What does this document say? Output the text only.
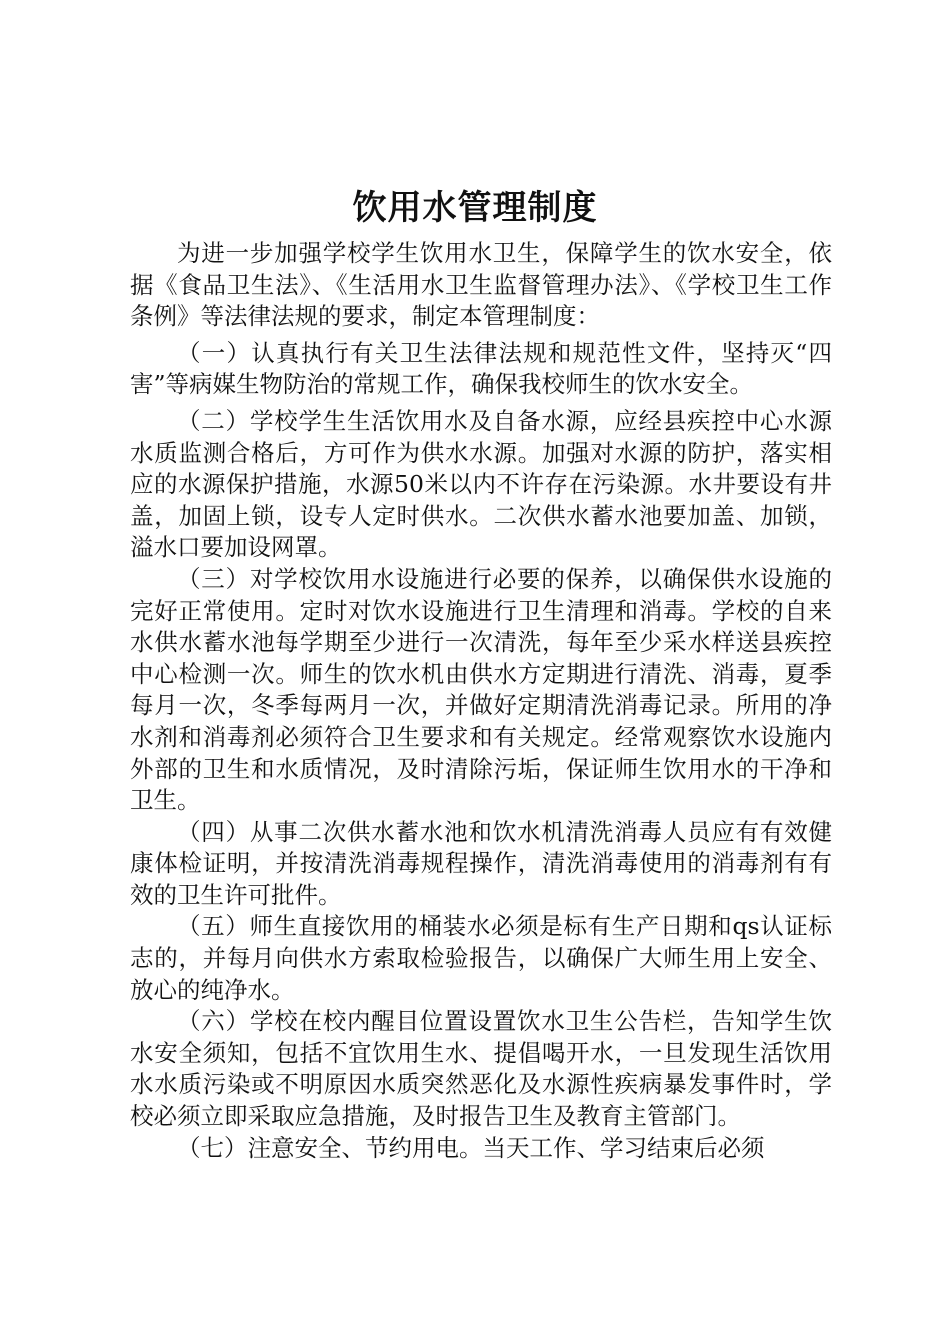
饮用水管理制度

为进一步加强学校学生饮用水卫生，保障学生的饮水安全，依据《食品卫生法》、《生活用水卫生监督管理办法》、《学校卫生工作条例》等法律法规的要求，制定本管理制度：

（一）认真执行有关卫生法律法规和规范性文件，坚持灭“四害”等病媒生物防治的常规工作，确保我校师生的饮水安全。

（二）学校学生生活饮用水及自备水源，应经县疾控中心水源水质监测合格后，方可作为供水水源。加强对水源的防护，落实相应的水源保护措施，水源50米以内不许存在污染源。水井要设有井盖，加固上锁，设专人定时供水。二次供水蓄水池要加盖、加锁，溢水口要加设网罩。

（三）对学校饮用水设施进行必要的保养，以确保供水设施的完好正常使用。定时对饮水设施进行卫生清理和消毒。学校的自来水供水蓄水池每学期至少进行一次清洗，每年至少采水样送县疾控中心检测一次。师生的饮水机由供水方定期进行清洗、消毒，夏季每月一次，冬季每两月一次，并做好定期清洗消毒记录。所用的净水剂和消毒剂必须符合卫生要求和有关规定。经常观察饮水设施内外部的卫生和水质情况，及时清除污垢，保证师生饮用水的干净和卫生。

（四）从事二次供水蓄水池和饮水机清洗消毒人员应有有效健康体检证明，并按清洗消毒规程操作，清洗消毒使用的消毒剂有有效的卫生许可批件。

（五）师生直接饮用的桶装水必须是标有生产日期和qs认证标志的，并每月向供水方索取检验报告，以确保广大师生用上安全、放心的纯净水。

（六）学校在校内醒目位置设置饮水卫生公告栏，告知学生饮水安全须知，包括不宜饮用生水、提倡喝开水，一旦发现生活饮用水水质污染或不明原因水质突然恶化及水源性疾病暴发事件时，学校必须立即采取应急措施，及时报告卫生及教育主管部门。

（七）注意安全、节约用电。当天工作、学习结束后必须
